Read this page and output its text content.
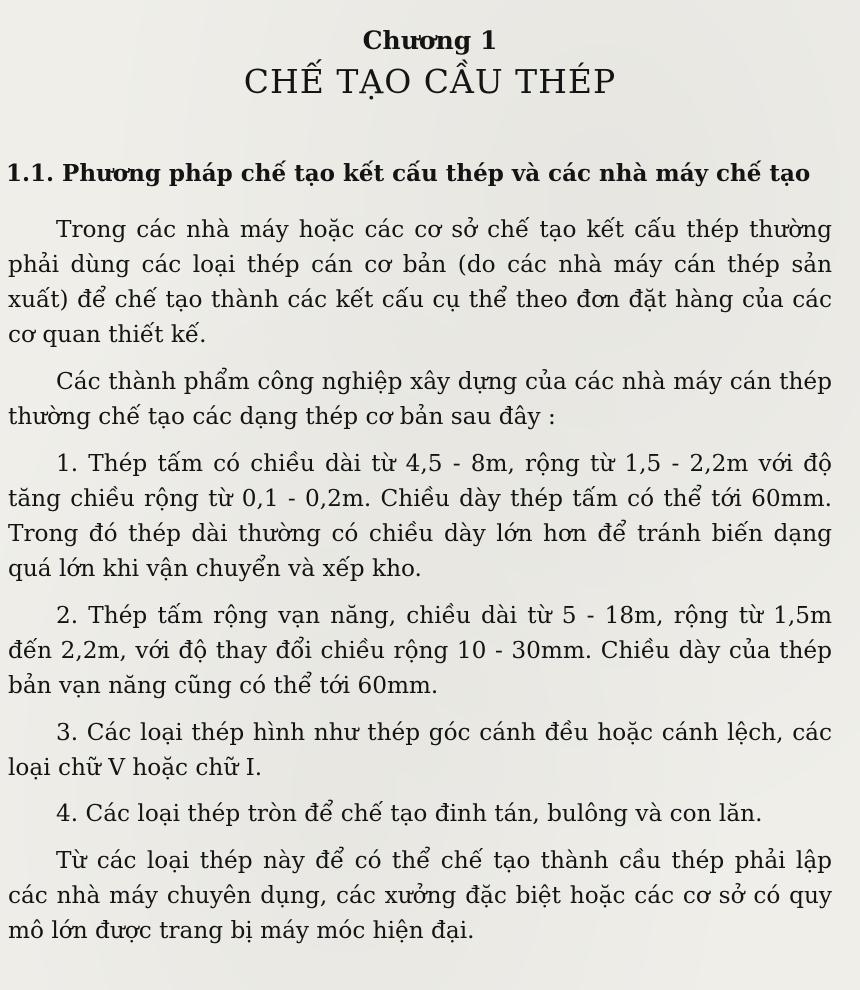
Chương 1
CHẾ TẠO CẦU THÉP
1.1. Phương pháp chế tạo kết cấu thép và các nhà máy chế tạo

Trong các nhà máy hoặc các cơ sở chế tạo kết cấu thép thường phải dùng các loại thép cán cơ bản (do các nhà máy cán thép sản xuất) để chế tạo thành các kết cấu cụ thể theo đơn đặt hàng của các cơ quan thiết kế.

Các thành phẩm công nghiệp xây dựng của các nhà máy cán thép thường chế tạo các dạng thép cơ bản sau đây :

1. Thép tấm có chiều dài từ 4,5 - 8m, rộng từ 1,5 - 2,2m với độ tăng chiều rộng từ 0,1 - 0,2m. Chiều dày thép tấm có thể tới 60mm. Trong đó thép dài thường có chiều dày lớn hơn để tránh biến dạng quá lớn khi vận chuyển và xếp kho.

2. Thép tấm rộng vạn năng, chiều dài từ 5 - 18m, rộng từ 1,5m đến 2,2m, với độ thay đổi chiều rộng 10 - 30mm. Chiều dày của thép bản vạn năng cũng có thể tới 60mm.

3. Các loại thép hình như thép góc cánh đều hoặc cánh lệch, các loại chữ V hoặc chữ I.

4. Các loại thép tròn để chế tạo đinh tán, bulông và con lăn.

Từ các loại thép này để có thể chế tạo thành cầu thép phải lập các nhà máy chuyên dụng, các xưởng đặc biệt hoặc các cơ sở có quy mô lớn được trang bị máy móc hiện đại.
